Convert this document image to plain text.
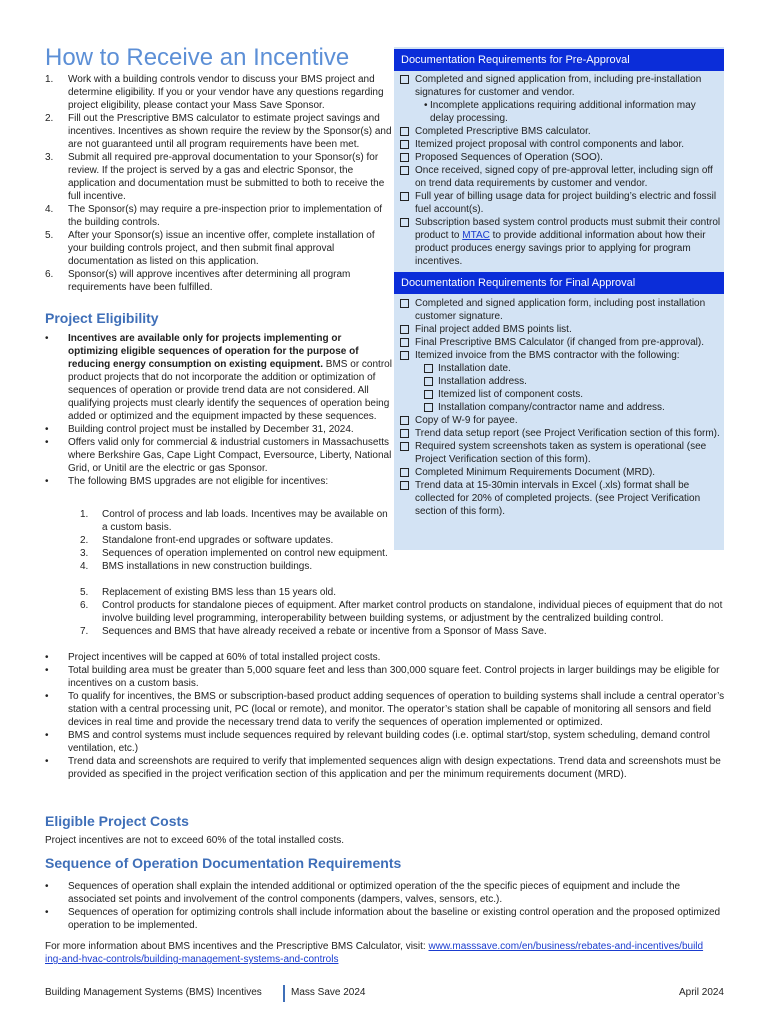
How to Receive an Incentive
1. Work with a building controls vendor to discuss your BMS project and determine eligibility. If you or your vendor have any questions regarding project eligibility, please contact your Mass Save Sponsor.
2. Fill out the Prescriptive BMS calculator to estimate project savings and incentives. Incentives as shown require the review by the Sponsor(s) and are not guaranteed until all program requirements have been met.
3. Submit all required pre-approval documentation to your Sponsor(s) for review. If the project is served by a gas and electric Sponsor, the application and documentation must be submitted to both to receive the full incentive.
4. The Sponsor(s) may require a pre-inspection prior to implementation of the building controls.
5. After your Sponsor(s) issue an incentive offer, complete installation of your building controls project, and then submit final approval documentation as listed on this application.
6. Sponsor(s) will approve incentives after determining all program requirements have been fulfilled.
Project Eligibility
• Incentives are available only for projects implementing or optimizing eligible sequences of operation for the purpose of reducing energy consumption on existing equipment. BMS or control product projects that do not incorporate the addition or optimization of sequences of operation or provide trend data are not considered. All qualifying projects must clearly identify the sequences of operation being added or optimized and the equipment impacted by these sequences.
• Building control project must be installed by December 31, 2024.
• Offers valid only for commercial & industrial customers in Massachusetts where Berkshire Gas, Cape Light Compact, Eversource, Liberty, National Grid, or Unitil are the electric or gas Sponsor.
• The following BMS upgrades are not eligible for incentives:
1. Control of process and lab loads. Incentives may be available on a custom basis.
2. Standalone front-end upgrades or software updates.
3. Sequences of operation implemented on control new equipment.
4. BMS installations in new construction buildings.
5. Replacement of existing BMS less than 15 years old.
6. Control products for standalone pieces of equipment. After market control products on standalone, individual pieces of equipment that do not involve building level programming, interoperability between building systems, or adjustment by the centralized building control.
7. Sequences and BMS that have already received a rebate or incentive from a Sponsor of Mass Save.
• Project incentives will be capped at 60% of total installed project costs.
• Total building area must be greater than 5,000 square feet and less than 300,000 square feet. Control projects in larger buildings may be eligible for incentives on a custom basis.
• To qualify for incentives, the BMS or subscription-based product adding sequences of operation to building systems shall include a central operator’s station with a central processing unit, PC (local or remote), and monitor. The operator’s station shall be capable of monitoring all sensors and field devices in real time and provide the necessary trend data to verify the sequences of operation implemented or optimized.
• BMS and control systems must include sequences required by relevant building codes (i.e. optimal start/stop, system scheduling, demand control ventilation, etc.)
• Trend data and screenshots are required to verify that implemented sequences align with design expectations. Trend data and screenshots must be provided as specified in the project verification section of this application and per the minimum requirements document (MRD).
Eligible Project Costs
Project incentives are not to exceed 60% of the total installed costs.
Sequence of Operation Documentation Requirements
• Sequences of operation shall explain the intended additional or optimized operation of the the specific pieces of equipment and include the associated set points and involvement of the control components (dampers, valves, sensors, etc.).
• Sequences of operation for optimizing controls shall include information about the baseline or existing control operation and the proposed optimized operation to be implemented.
For more information about BMS incentives and the Prescriptive BMS Calculator, visit: www.masssave.com/en/business/rebates-and-incentives/building-and-hvac-controls/building-management-systems-and-controls
Documentation Requirements for Pre-Approval
Completed and signed application from, including pre-installation signatures for customer and vendor.
• Incomplete applications requiring additional information may delay processing.
Completed Prescriptive BMS calculator.
Itemized project proposal with control components and labor.
Proposed Sequences of Operation (SOO).
Once received, signed copy of pre-approval letter, including sign off on trend data requirements by customer and vendor.
Full year of billing usage data for project building’s electric and fossil fuel account(s).
Subscription based system control products must submit their control product to MTAC to provide additional information about how their product produces energy savings prior to applying for program incentives.
Documentation Requirements for Final Approval
Completed and signed application form, including post installation customer signature.
Final project added BMS points list.
Final Prescriptive BMS Calculator (if changed from pre-approval).
Itemized invoice from the BMS contractor with the following:
Installation date.
Installation address.
Itemized list of component costs.
Installation company/contractor name and address.
Copy of W-9 for payee.
Trend data setup report (see Project Verification section of this form).
Required system screenshots taken as system is operational (see Project Verification section of this form).
Completed Minimum Requirements Document (MRD).
Trend data at 15-30min intervals in Excel (.xls) format shall be collected for 20% of completed projects. (see Project Verification section of this form).
Building Management Systems (BMS) Incentives	Mass Save 2024	April 2024
